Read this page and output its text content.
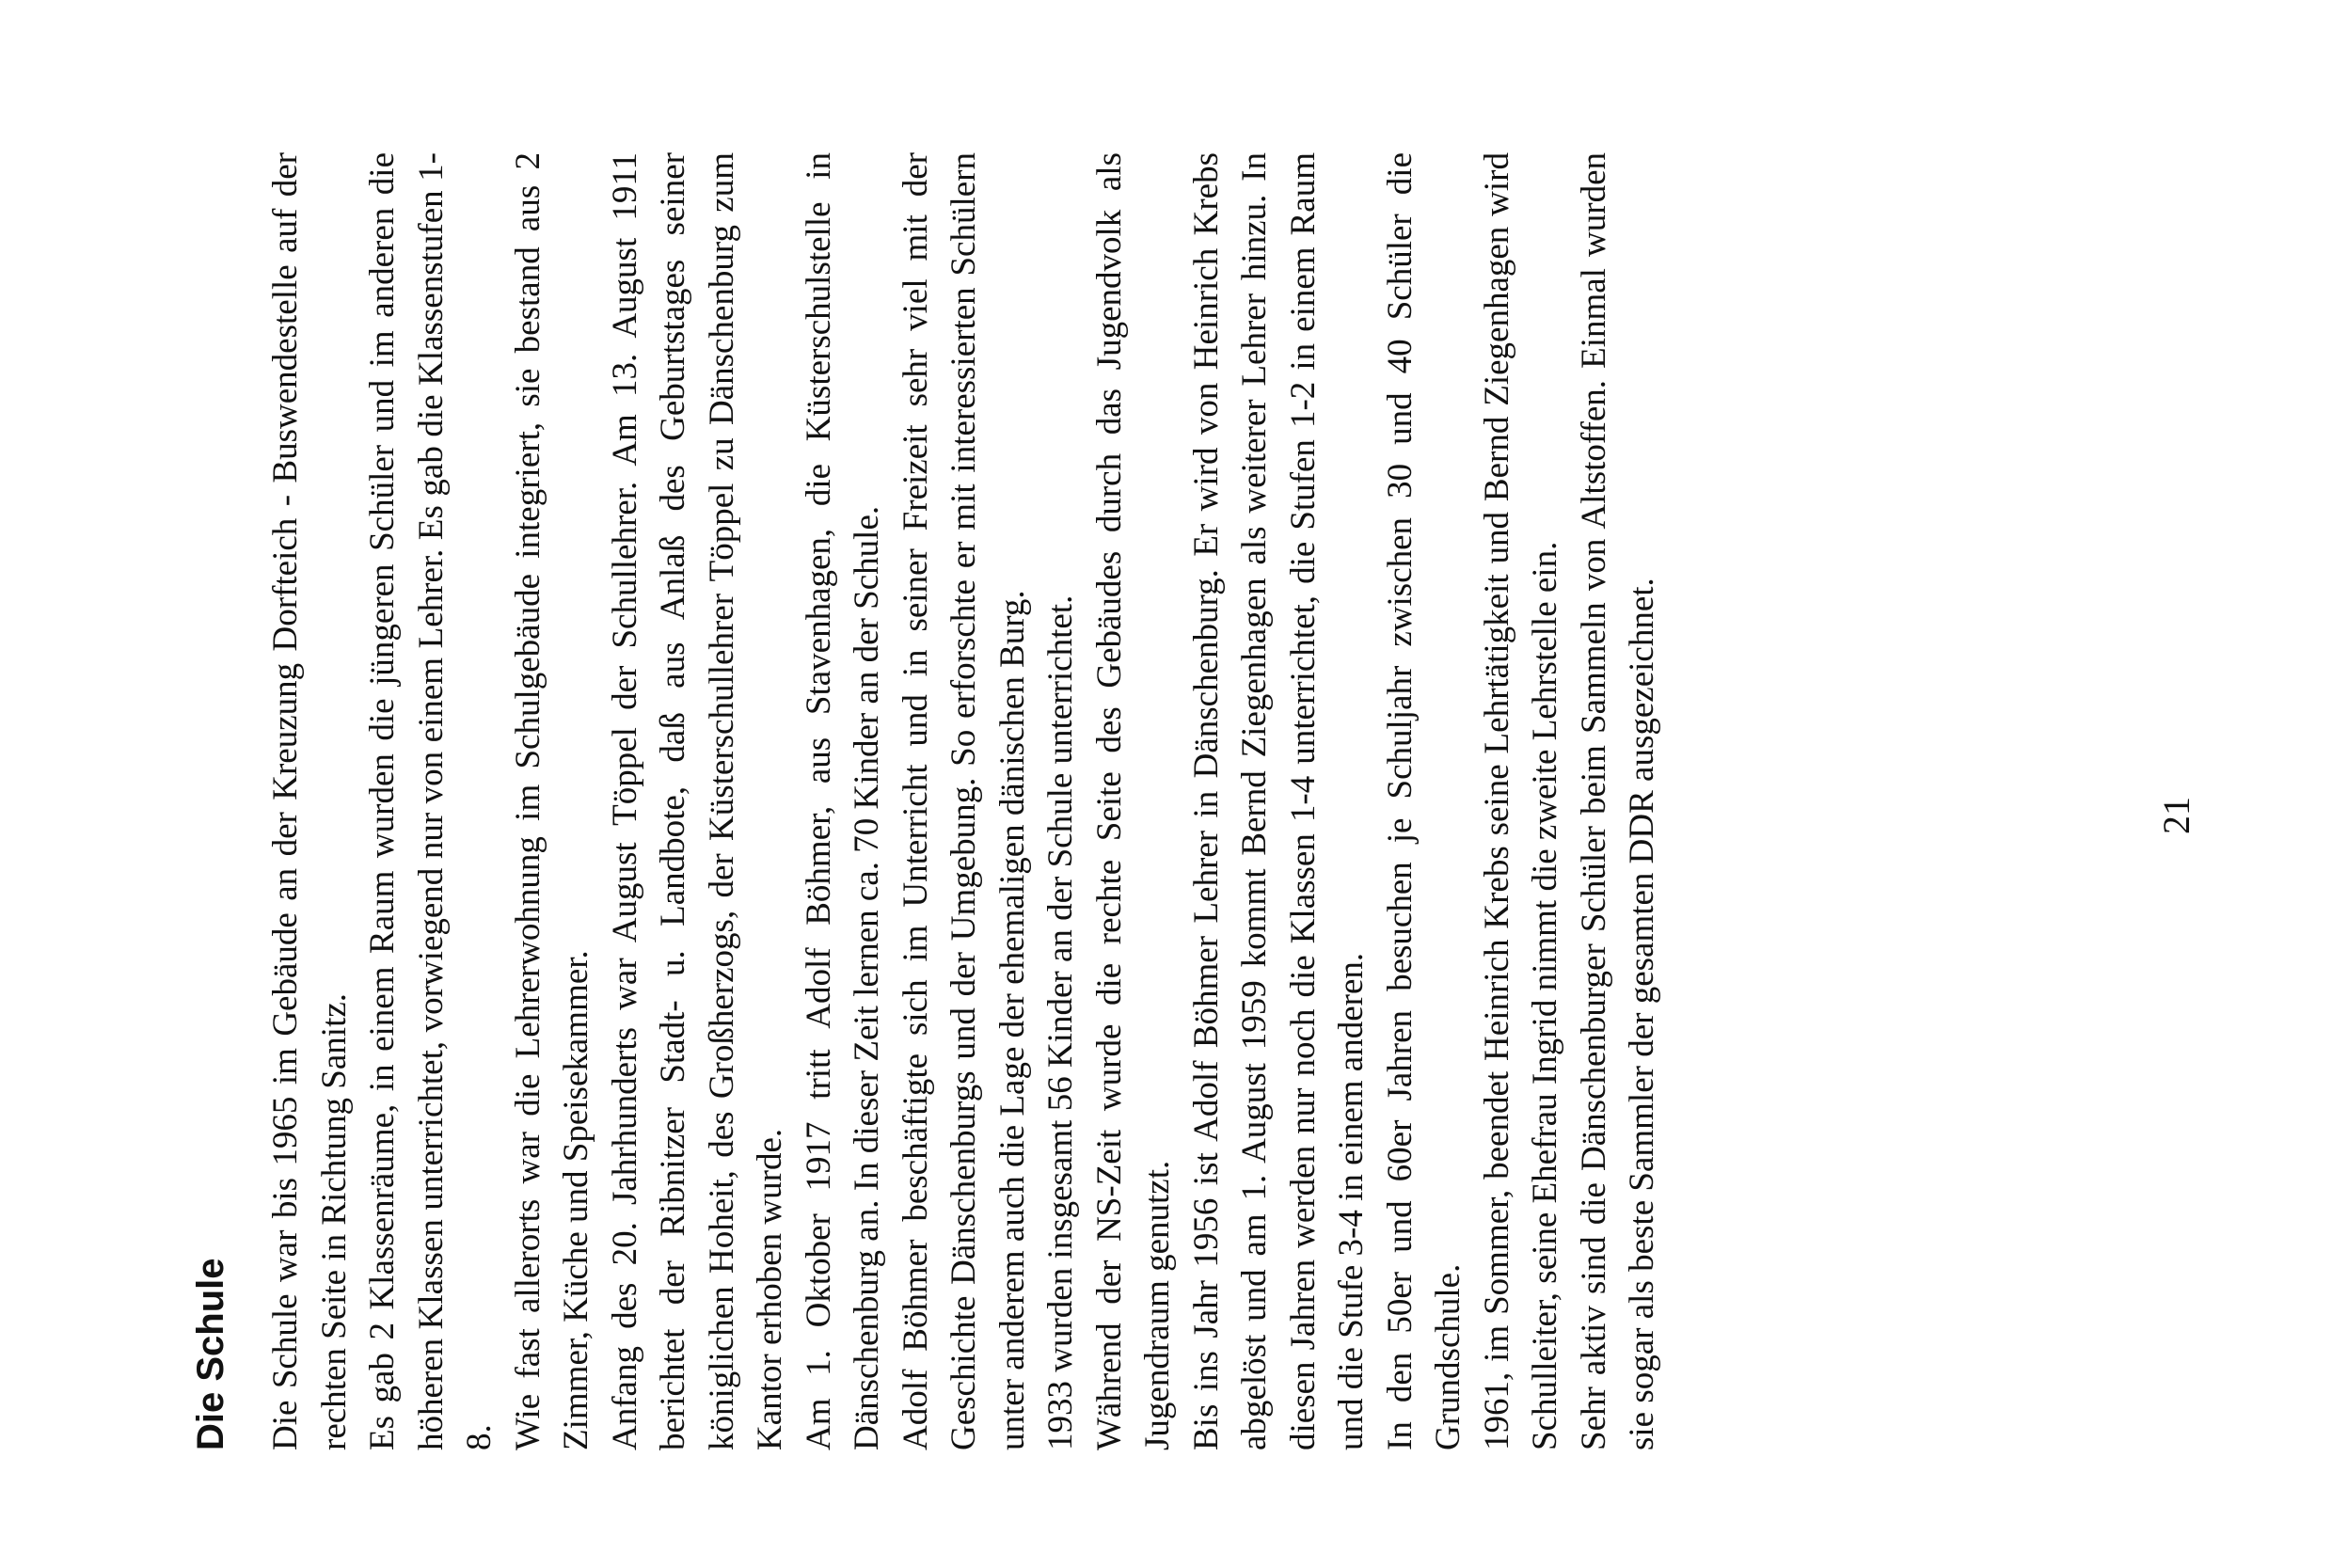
Die Schule Die Schule war bis 1965 im Gebäude an der Kreuzung Dorfteich - Buswendestelle auf der rechten Seite in Richtung Sanitz. Es gab 2 Klassenräume, in einem Raum wurden die jüngeren Schüler und im anderen die höheren Klassen unterrichtet, vorwiegend nur von einem Lehrer. Es gab die Klassenstufen 1-8. Wie fast allerorts war die Lehrerwohnung im Schulgebäude integriert, sie bestand aus 2 Zimmer, Küche und Speisekammer. Anfang des 20. Jahrhunderts war August Töppel der Schullehrer. Am 13. August 1911 berichtet der Ribnitzer Stadt- u. Landbote, daß aus Anlaß des Geburtstages seiner königlichen Hoheit, des Großherzogs, der Küsterschullehrer Töppel zu Dänschenburg zum Kantor erhoben wurde. Am 1. Oktober 1917 tritt Adolf Böhmer, aus Stavenhagen, die Küsterschulstelle in Dänschenburg an. In dieser Zeit lernen ca. 70 Kinder an der Schule. Adolf Böhmer beschäftigte sich im Unterricht und in seiner Freizeit sehr viel mit der Geschichte Dänschenburgs und der Umgebung. So erforschte er mit interessierten Schülern unter anderem auch die Lage der ehemaligen dänischen Burg. 1933 wurden insgesamt 56 Kinder an der Schule unterrichtet. Während der NS-Zeit wurde die rechte Seite des Gebäudes durch das Jugendvolk als Jugendraum genutzt. Bis ins Jahr 1956 ist Adolf Böhmer Lehrer in Dänschenburg. Er wird von Heinrich Krebs abgelöst und am 1. August 1959 kommt Bernd Ziegenhagen als weiterer Lehrer hinzu. In diesen Jahren werden nur noch die Klassen 1-4 unterrichtet, die Stufen 1-2 in einem Raum und die Stufe 3-4 in einem anderen. In den 50er und 60er Jahren besuchen je Schuljahr zwischen 30 und 40 Schüler die Grundschule. 1961, im Sommer, beendet Heinrich Krebs seine Lehrtätigkeit und Bernd Ziegenhagen wird Schulleiter, seine Ehefrau Ingrid nimmt die zweite Lehrstelle ein. Sehr aktiv sind die Dänschenburger Schüler beim Sammeln von Altstoffen. Einmal wurden sie sogar als beste Sammler der gesamten DDR ausgezeichnet.	21
